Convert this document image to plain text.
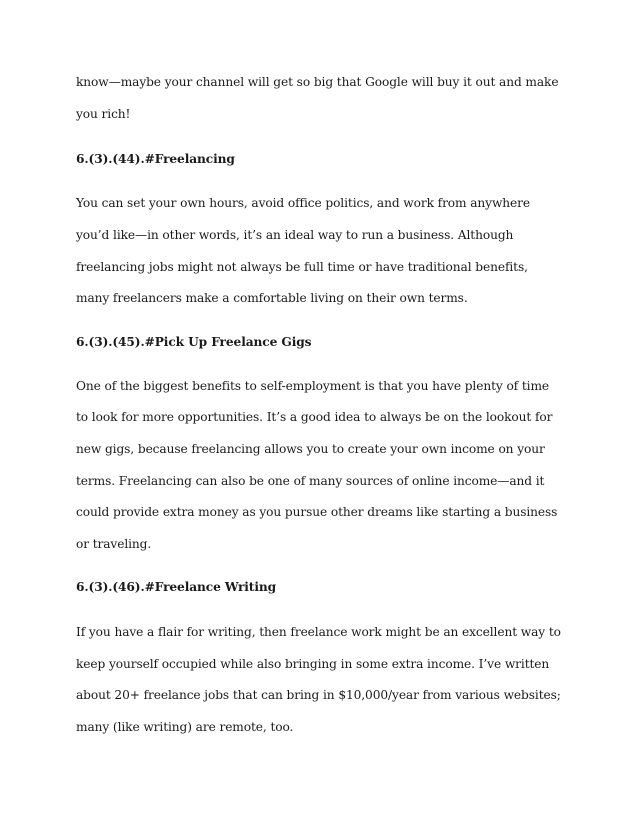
know—maybe your channel will get so big that Google will buy it out and make
you rich!
6.(3).(44).#Freelancing
You can set your own hours, avoid office politics, and work from anywhere
you’d like—in other words, it’s an ideal way to run a business. Although
freelancing jobs might not always be full time or have traditional benefits,
many freelancers make a comfortable living on their own terms.
6.(3).(45).#Pick Up Freelance Gigs
One of the biggest benefits to self-employment is that you have plenty of time
to look for more opportunities. It’s a good idea to always be on the lookout for
new gigs, because freelancing allows you to create your own income on your
terms. Freelancing can also be one of many sources of online income—and it
could provide extra money as you pursue other dreams like starting a business
or traveling.
6.(3).(46).#Freelance Writing
If you have a flair for writing, then freelance work might be an excellent way to
keep yourself occupied while also bringing in some extra income. I’ve written
about 20+ freelance jobs that can bring in $10,000/year from various websites;
many (like writing) are remote, too.
